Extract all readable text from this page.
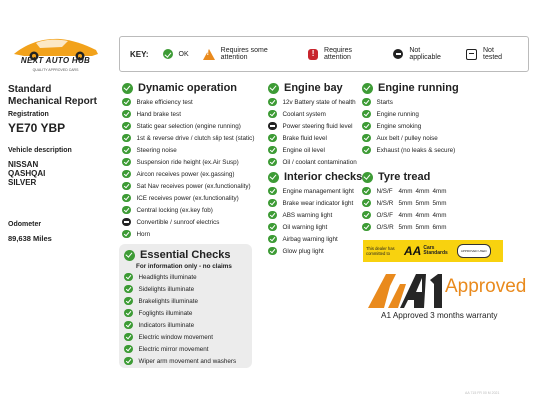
NEXT AUTO HUB
QUALITY APPROVED CARS
KEY:	OK
!	Requires some attention
!
Requires attention
Not applicable
Not tested
Standard
Mechanical Report
Registration
YE70 YBP
Vehicle description
NISSAN
QASHQAI
SILVER
Odometer
89,638 Miles
Dynamic operation
Brake efficiency test
Hand brake test
Static gear selection (engine running)
1st & reverse drive / clutch slip test (static)
Steering noise
Suspension ride height (ex.Air Susp)
Aircon receives power (ex.gassing)
Sat Nav receives power (ex.functionality)
ICE receives power (ex.functionality)
Central locking (ex.key fob)
Convertible / sunroof electrics
Horn
Engine bay
12v Battery state of health
Coolant system
Power steering fluid level
Brake fluid level
Engine oil level
Oil / coolant contamination
Engine running
Starts
Engine running
Engine smoking
Aux belt / pulley noise
Exhaust (no leaks & secure)
Interior checks
Engine management light
Brake wear indicator light
ABS warning light
Oil warning light
Airbag warning light
Glow plug light
Tyre tread
N/S/F 4mm 4mm 4mm
N/S/R 5mm 5mm 5mm
O/S/F 4mm 4mm 4mm
O/S/R 5mm 5mm 6mm
Essential Checks
For information only - no claims
Headlights illuminate
Sidelights illuminate
Brakelights illuminate
Foglights illuminate
Indicators illuminate
Electric window movement
Electric mirror movement
Wiper arm movement and washers
This dealer has committed to	AA Cars
Standards	APPROVED USED
Approved
A1 Approved 3 months warranty
AA 715 FR 00 M 2021
